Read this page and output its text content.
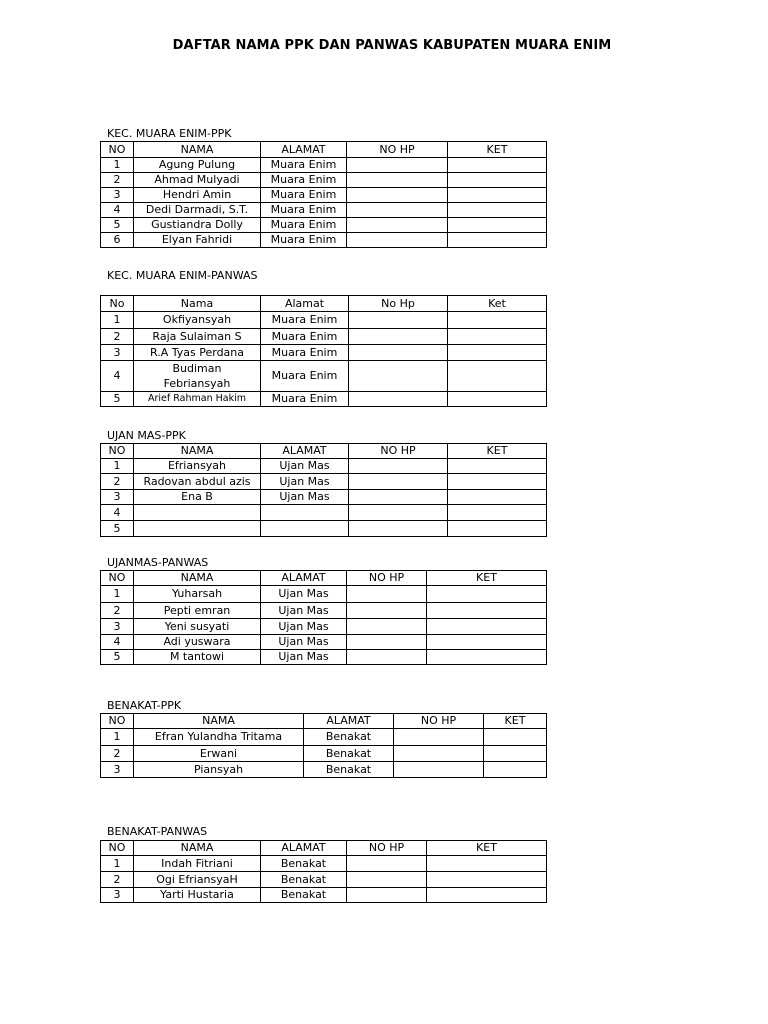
DAFTAR NAMA PPK DAN PANWAS KABUPATEN MUARA ENIM
KEC. MUARA ENIM-PPK
NO	NAMA	ALAMAT	NO HP	KET
1	Agung Pulung	Muara Enim		
2	Ahmad Mulyadi	Muara Enim		
3	Hendri Amin	Muara Enim		
4	Dedi Darmadi, S.T.	Muara Enim		
5	Gustiandra Dolly	Muara Enim		
6	Elyan Fahridi	Muara Enim		
KEC. MUARA ENIM-PANWAS
No	Nama	Alamat	No Hp	Ket
1	Okfiyansyah	Muara Enim		
2	Raja Sulaiman S	Muara Enim		
3	R.A Tyas Perdana	Muara Enim		
4	Budiman Febriansyah	Muara Enim		
5	Arief Rahman Hakim	Muara Enim		
UJAN MAS-PPK
NO	NAMA	ALAMAT	NO HP	KET
1	Efriansyah	Ujan Mas		
2	Radovan abdul azis	Ujan Mas		
3	Ena B	Ujan Mas		
4				
5				
UJANMAS-PANWAS
NO	NAMA	ALAMAT	NO HP	KET
1	Yuharsah	Ujan Mas		
2	Pepti emran	Ujan Mas		
3	Yeni susyati	Ujan Mas		
4	Adi yuswara	Ujan Mas		
5	M tantowi	Ujan Mas		
BENAKAT-PPK
NO	NAMA	ALAMAT	NO HP	KET
1	Efran Yulandha Tritama	Benakat		
2	Erwani	Benakat		
3	Piansyah	Benakat		
BENAKAT-PANWAS
NO	NAMA	ALAMAT	NO HP	KET
1	Indah Fitriani	Benakat		
2	Ogi EfriansyaH	Benakat		
3	Yarti Hustaria	Benakat		
